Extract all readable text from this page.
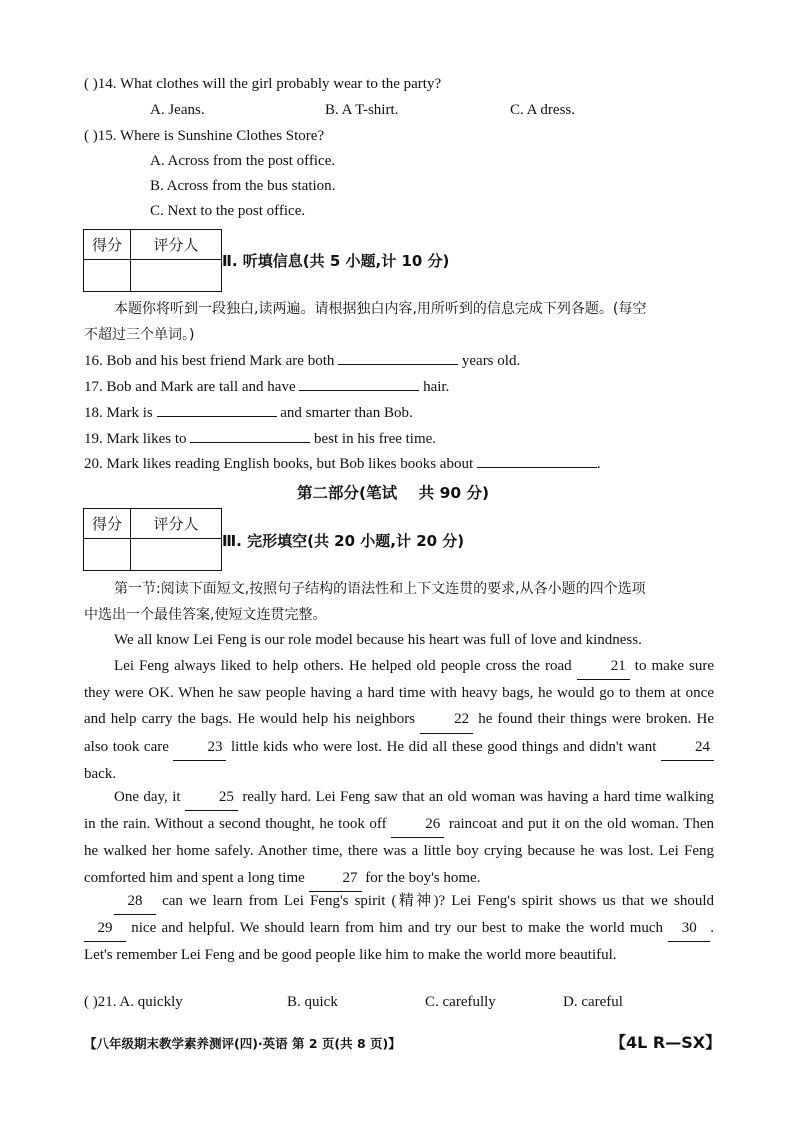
( )14. What clothes will the girl probably wear to the party?
A. Jeans.	B. A T-shirt.	C. A dress.
( )15. Where is Sunshine Clothes Store?
A. Across from the post office.
B. Across from the bus station.
C. Next to the post office.
得分	评分人

Ⅱ. 听填信息(共 5 小题,计 10 分)
本题你将听到一段独白,读两遍。请根据独白内容,用所听到的信息完成下列各题。(每空
不超过三个单词。)
16. Bob and his best friend Mark are both	years old.
17. Bob and Mark are tall and have	hair.
18. Mark is	and smarter than Bob.
19. Mark likes to	best in his free time.
20. Mark likes reading English books, but Bob likes books about	.
第二部分(笔试    共 90 分)
得分	评分人

Ⅲ. 完形填空(共 20 小题,计 20 分)
第一节:阅读下面短文,按照句子结构的语法性和上下文连贯的要求,从各小题的四个选项
中选出一个最佳答案,使短文连贯完整。
We all know Lei Feng is our role model because his heart was full of love and kindness.
Lei Feng always liked to help others. He helped old people cross the road	21 to make sure they were OK. When he saw people having a hard time with heavy bags, he would go to them at once and help carry the bags. He would help his neighbors	22 he found their things were broken. He also took care	23 little kids who were lost. He did all these good things and didn't want	24 back.
One day, it	25 really hard. Lei Feng saw that an old woman was having a hard time walking in the rain. Without a second thought, he took off	26 raincoat and put it on the old woman. Then he walked her home safely. Another time, there was a little boy crying because he was lost. Lei Feng comforted him and spent a long time	27 for the boy's home.
28 can we learn from Lei Feng's spirit (精神)? Lei Feng's spirit shows us that we should 29 nice and helpful. We should learn from him and try our best to make the world much 30 . Let's remember Lei Feng and be good people like him to make the world more beautiful.
( )21. A. quickly	B. quick	C. carefully	D. careful
【八年级期末教学素养测评(四)·英语 第 2 页(共 8 页)】	【4L R—SX】
